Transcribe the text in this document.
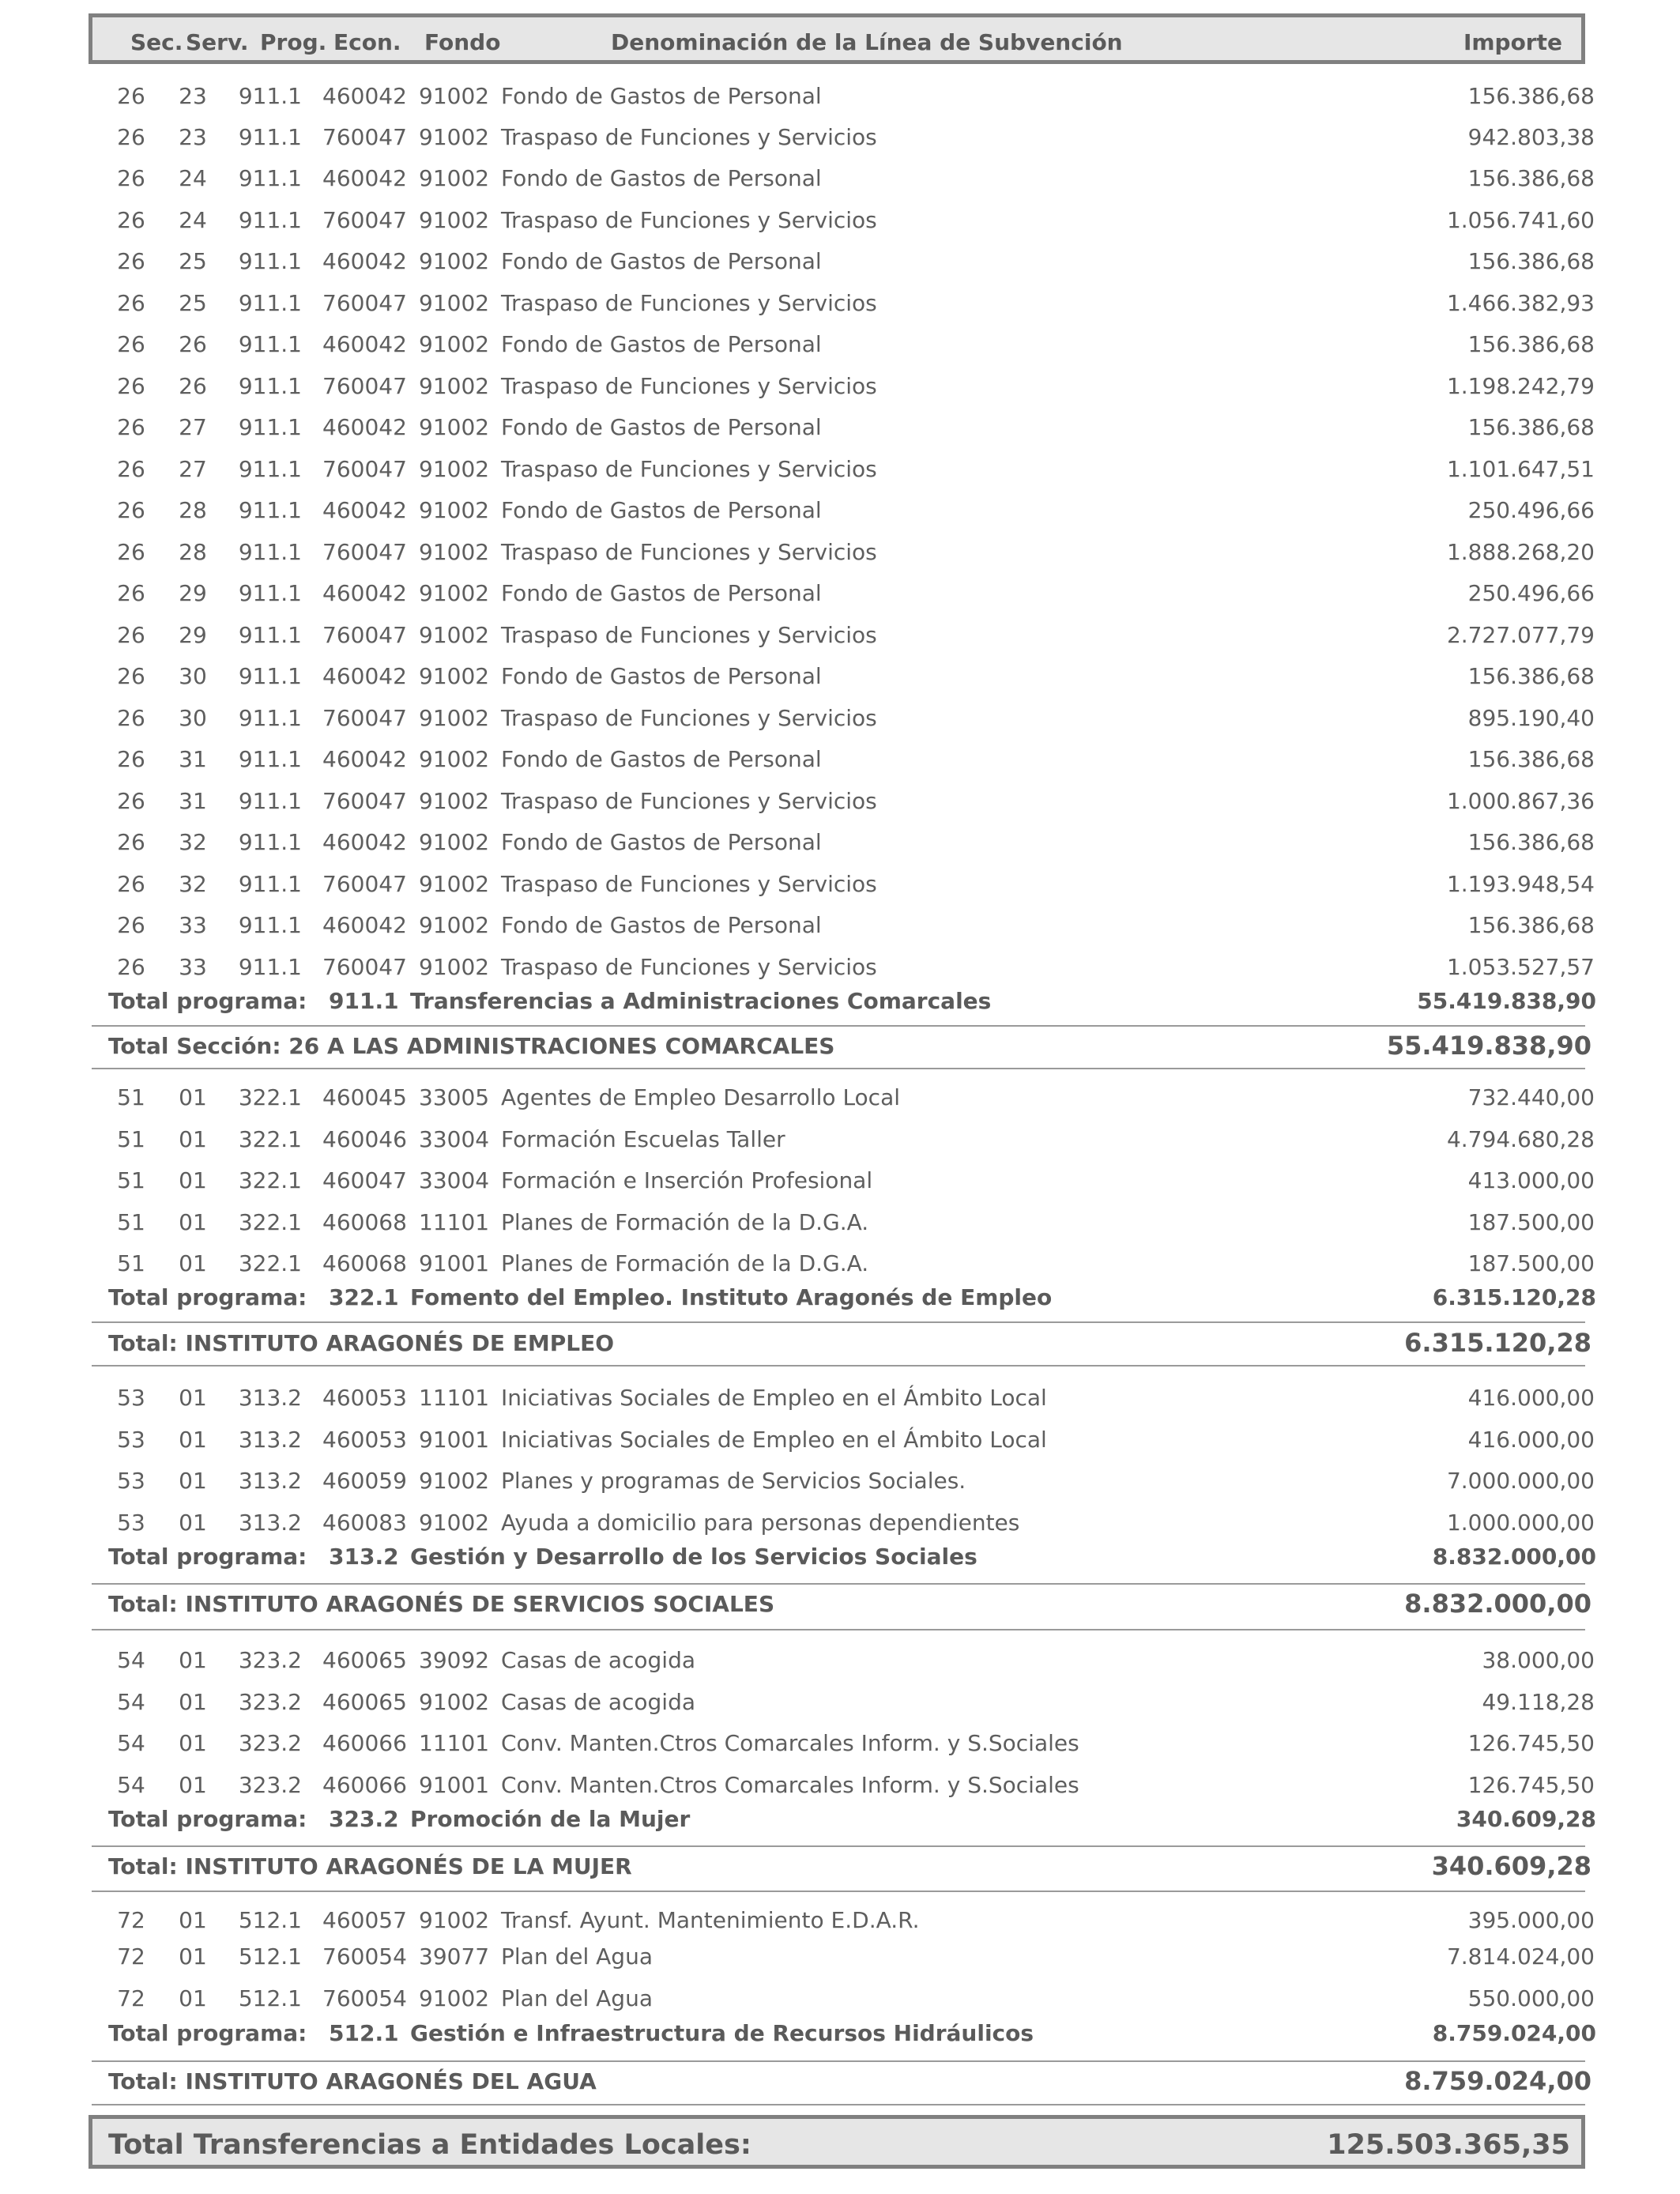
Sec. Serv. Prog. Econ. Fondo	Denominación de la Línea de Subvención	Importe
26 23 911.1 460042 91002 Fondo de Gastos de Personal	156.386,68
26 23 911.1 760047 91002 Traspaso de Funciones y Servicios	942.803,38
26 24 911.1 460042 91002 Fondo de Gastos de Personal	156.386,68
26 24 911.1 760047 91002 Traspaso de Funciones y Servicios	1.056.741,60
26 25 911.1 460042 91002 Fondo de Gastos de Personal	156.386,68
26 25 911.1 760047 91002 Traspaso de Funciones y Servicios	1.466.382,93
26 26 911.1 460042 91002 Fondo de Gastos de Personal	156.386,68
26 26 911.1 760047 91002 Traspaso de Funciones y Servicios	1.198.242,79
26 27 911.1 460042 91002 Fondo de Gastos de Personal	156.386,68
26 27 911.1 760047 91002 Traspaso de Funciones y Servicios	1.101.647,51
26 28 911.1 460042 91002 Fondo de Gastos de Personal	250.496,66
26 28 911.1 760047 91002 Traspaso de Funciones y Servicios	1.888.268,20
26 29 911.1 460042 91002 Fondo de Gastos de Personal	250.496,66
26 29 911.1 760047 91002 Traspaso de Funciones y Servicios	2.727.077,79
26 30 911.1 460042 91002 Fondo de Gastos de Personal	156.386,68
26 30 911.1 760047 91002 Traspaso de Funciones y Servicios	895.190,40
26 31 911.1 460042 91002 Fondo de Gastos de Personal	156.386,68
26 31 911.1 760047 91002 Traspaso de Funciones y Servicios	1.000.867,36
26 32 911.1 460042 91002 Fondo de Gastos de Personal	156.386,68
26 32 911.1 760047 91002 Traspaso de Funciones y Servicios	1.193.948,54
26 33 911.1 460042 91002 Fondo de Gastos de Personal	156.386,68
26 33 911.1 760047 91002 Traspaso de Funciones y Servicios	1.053.527,57
Total programa: 911.1 Transferencias a Administraciones Comarcales	55.419.838,90
Total Sección: 26 A LAS ADMINISTRACIONES COMARCALES	55.419.838,90
51 01 322.1 460045 33005 Agentes de Empleo Desarrollo Local	732.440,00
51 01 322.1 460046 33004 Formación Escuelas Taller	4.794.680,28
51 01 322.1 460047 33004 Formación e Inserción Profesional	413.000,00
51 01 322.1 460068 11101 Planes de Formación de la D.G.A.	187.500,00
51 01 322.1 460068 91001 Planes de Formación de la D.G.A.	187.500,00
Total programa: 322.1 Fomento del Empleo. Instituto Aragonés de Empleo	6.315.120,28
Total: INSTITUTO ARAGONÉS DE EMPLEO	6.315.120,28
53 01 313.2 460053 11101 Iniciativas Sociales de Empleo en el Ámbito Local	416.000,00
53 01 313.2 460053 91001 Iniciativas Sociales de Empleo en el Ámbito Local	416.000,00
53 01 313.2 460059 91002 Planes y programas de Servicios Sociales.	7.000.000,00
53 01 313.2 460083 91002 Ayuda a domicilio para personas dependientes	1.000.000,00
Total programa: 313.2 Gestión y Desarrollo de los Servicios Sociales	8.832.000,00
Total: INSTITUTO ARAGONÉS DE SERVICIOS SOCIALES	8.832.000,00
54 01 323.2 460065 39092 Casas de acogida	38.000,00
54 01 323.2 460065 91002 Casas de acogida	49.118,28
54 01 323.2 460066 11101 Conv. Manten.Ctros Comarcales Inform. y S.Sociales	126.745,50
54 01 323.2 460066 91001 Conv. Manten.Ctros Comarcales Inform. y S.Sociales	126.745,50
Total programa: 323.2 Promoción de la Mujer	340.609,28
Total: INSTITUTO ARAGONÉS DE LA MUJER	340.609,28
72 01 512.1 460057 91002 Transf. Ayunt. Mantenimiento E.D.A.R.	395.000,00
72 01 512.1 760054 39077 Plan del Agua	7.814.024,00
72 01 512.1 760054 91002 Plan del Agua	550.000,00
Total programa: 512.1 Gestión e Infraestructura de Recursos Hidráulicos	8.759.024,00
Total: INSTITUTO ARAGONÉS DEL AGUA	8.759.024,00
Total Transferencias a Entidades Locales:	125.503.365,35
